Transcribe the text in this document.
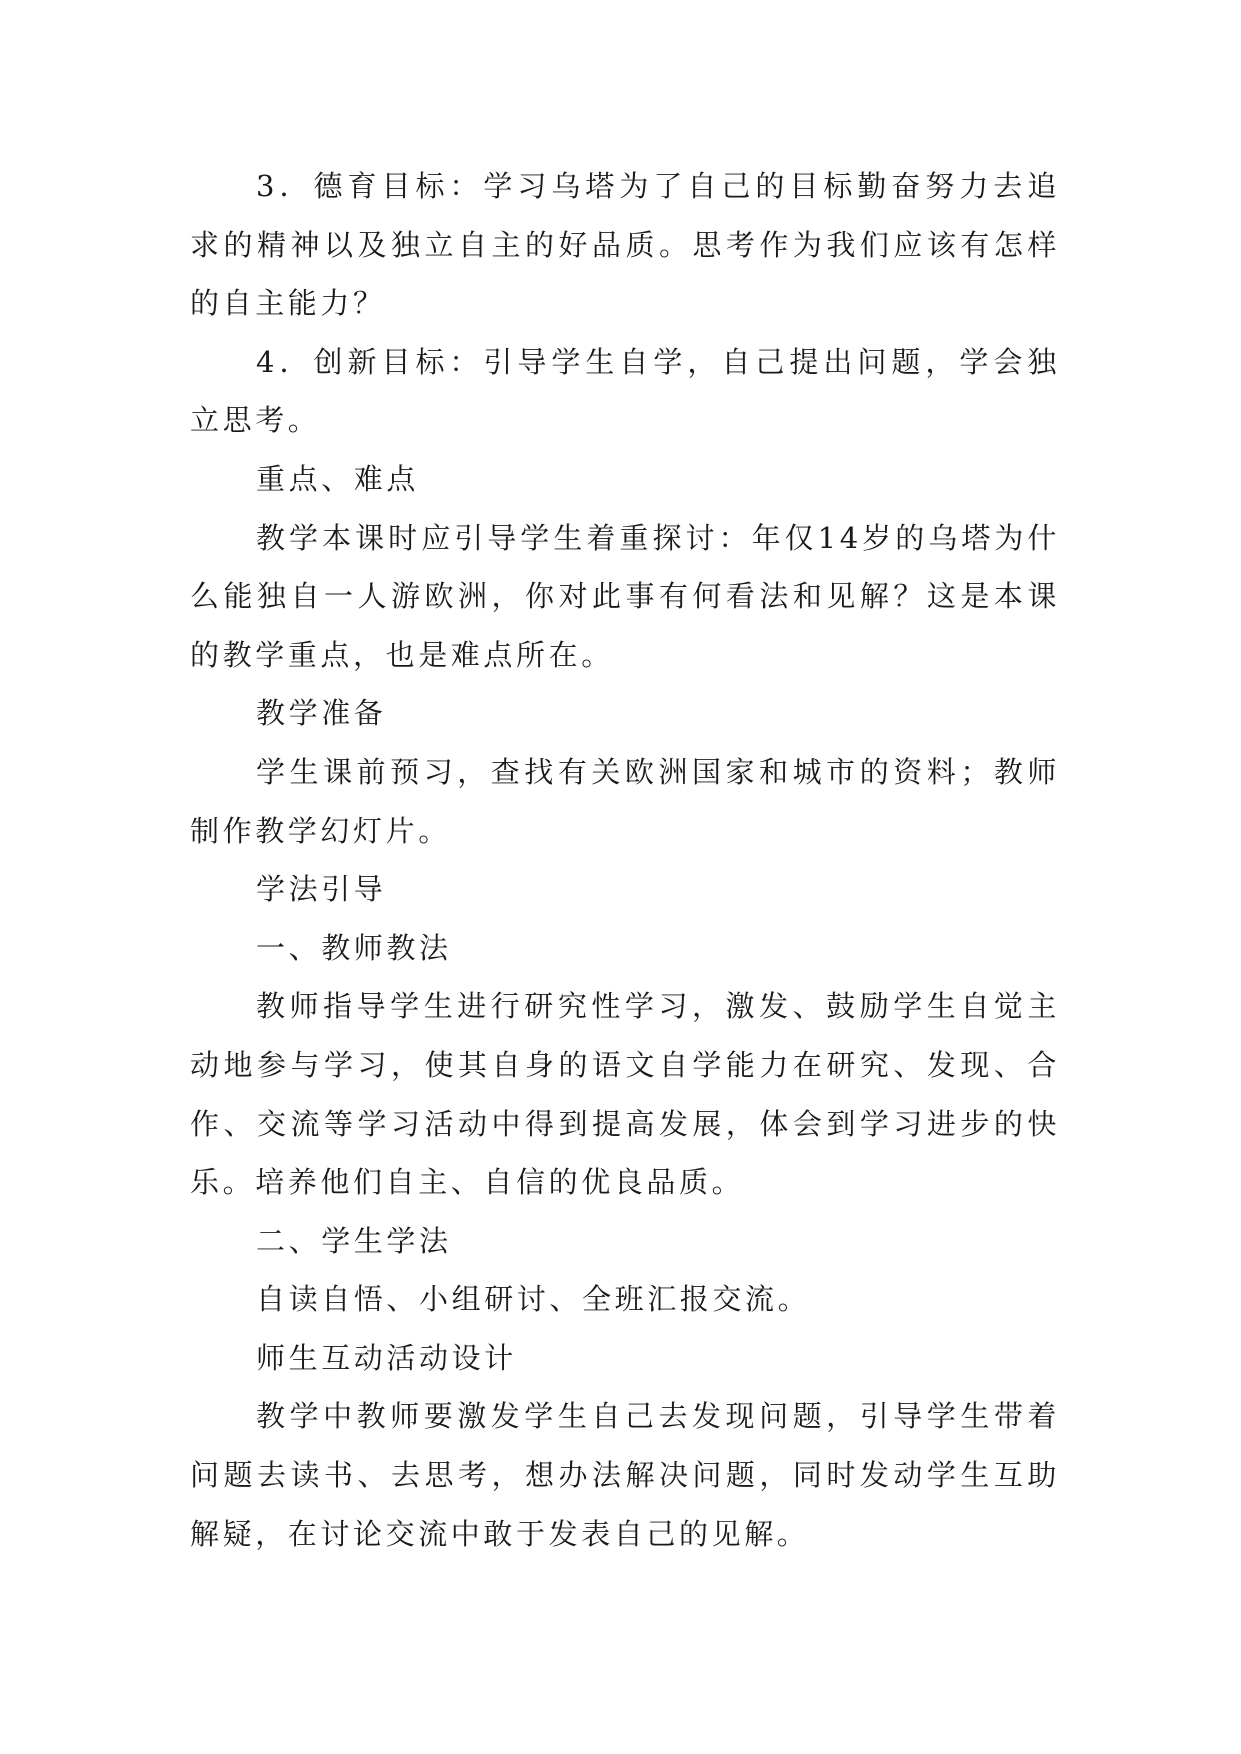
3．德育目标：学习乌塔为了自己的目标勤奋努力去追求的精神以及独立自主的好品质。思考作为我们应该有怎样的自主能力？

4．创新目标：引导学生自学，自己提出问题，学会独立思考。

重点、难点

教学本课时应引导学生着重探讨：年仅14岁的乌塔为什么能独自一人游欧洲，你对此事有何看法和见解？这是本课的教学重点，也是难点所在。

教学准备

学生课前预习，查找有关欧洲国家和城市的资料；教师制作教学幻灯片。

学法引导

一、教师教法

教师指导学生进行研究性学习，激发、鼓励学生自觉主动地参与学习，使其自身的语文自学能力在研究、发现、合作、交流等学习活动中得到提高发展，体会到学习进步的快乐。培养他们自主、自信的优良品质。

二、学生学法

自读自悟、小组研讨、全班汇报交流。

师生互动活动设计

教学中教师要激发学生自己去发现问题，引导学生带着问题去读书、去思考，想办法解决问题，同时发动学生互助解疑，在讨论交流中敢于发表自己的见解。
